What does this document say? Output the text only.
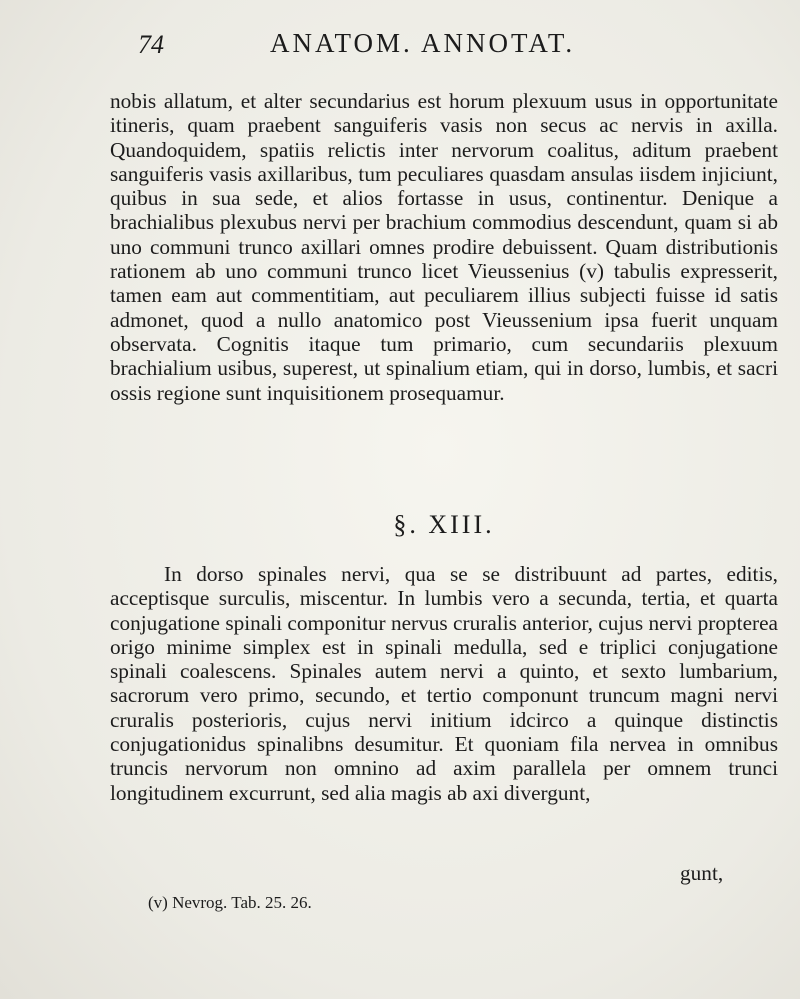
74	ANATOM. ANNOTAT.

nobis allatum, et alter secundarius est horum plexuum usus in opportunitate itineris, quam praebent sanguiferis vasis non secus ac nervis in axilla. Quandoquidem, spatiis relictis inter nervorum coalitus, aditum praebent sanguiferis vasis axillaribus, tum peculiares quasdam ansulas iisdem injiciunt, quibus in sua sede, et alios fortasse in usus, continentur. Denique a brachialibus plexubus nervi per brachium commodius descendunt, quam si ab uno communi trunco axillari omnes prodire debuissent. Quam distributionis rationem ab uno communi trunco licet Vieussenius (v) tabulis expresserit, tamen eam aut commentitiam, aut peculiarem illius subjecti fuisse id satis admonet, quod a nullo anatomico post Vieussenium ipsa fuerit unquam observata. Cognitis itaque tum primario, cum secundariis plexuum brachialium usibus, superest, ut spinalium etiam, qui in dorso, lumbis, et sacri ossis regione sunt inquisitionem prosequamur.

§. XIII.

In dorso spinales nervi, qua se se distribuunt ad partes, editis, acceptisque surculis, miscentur. In lumbis vero a secunda, tertia, et quarta conjugatione spinali componitur nervus cruralis anterior, cujus nervi propterea origo minime simplex est in spinali medulla, sed e triplici conjugatione spinali coalescens. Spinales autem nervi a quinto, et sexto lumbarium, sacrorum vero primo, secundo, et tertio componunt truncum magni nervi cruralis posterioris, cujus nervi initium idcirco a quinque distinctis conjugationidus spinalibns desumitur. Et quoniam fila nervea in omnibus truncis nervorum non omnino ad axim parallela per omnem trunci longitudinem excurrunt, sed alia magis ab axi divergunt,

gunt,
(v) Nevrog. Tab. 25. 26.
